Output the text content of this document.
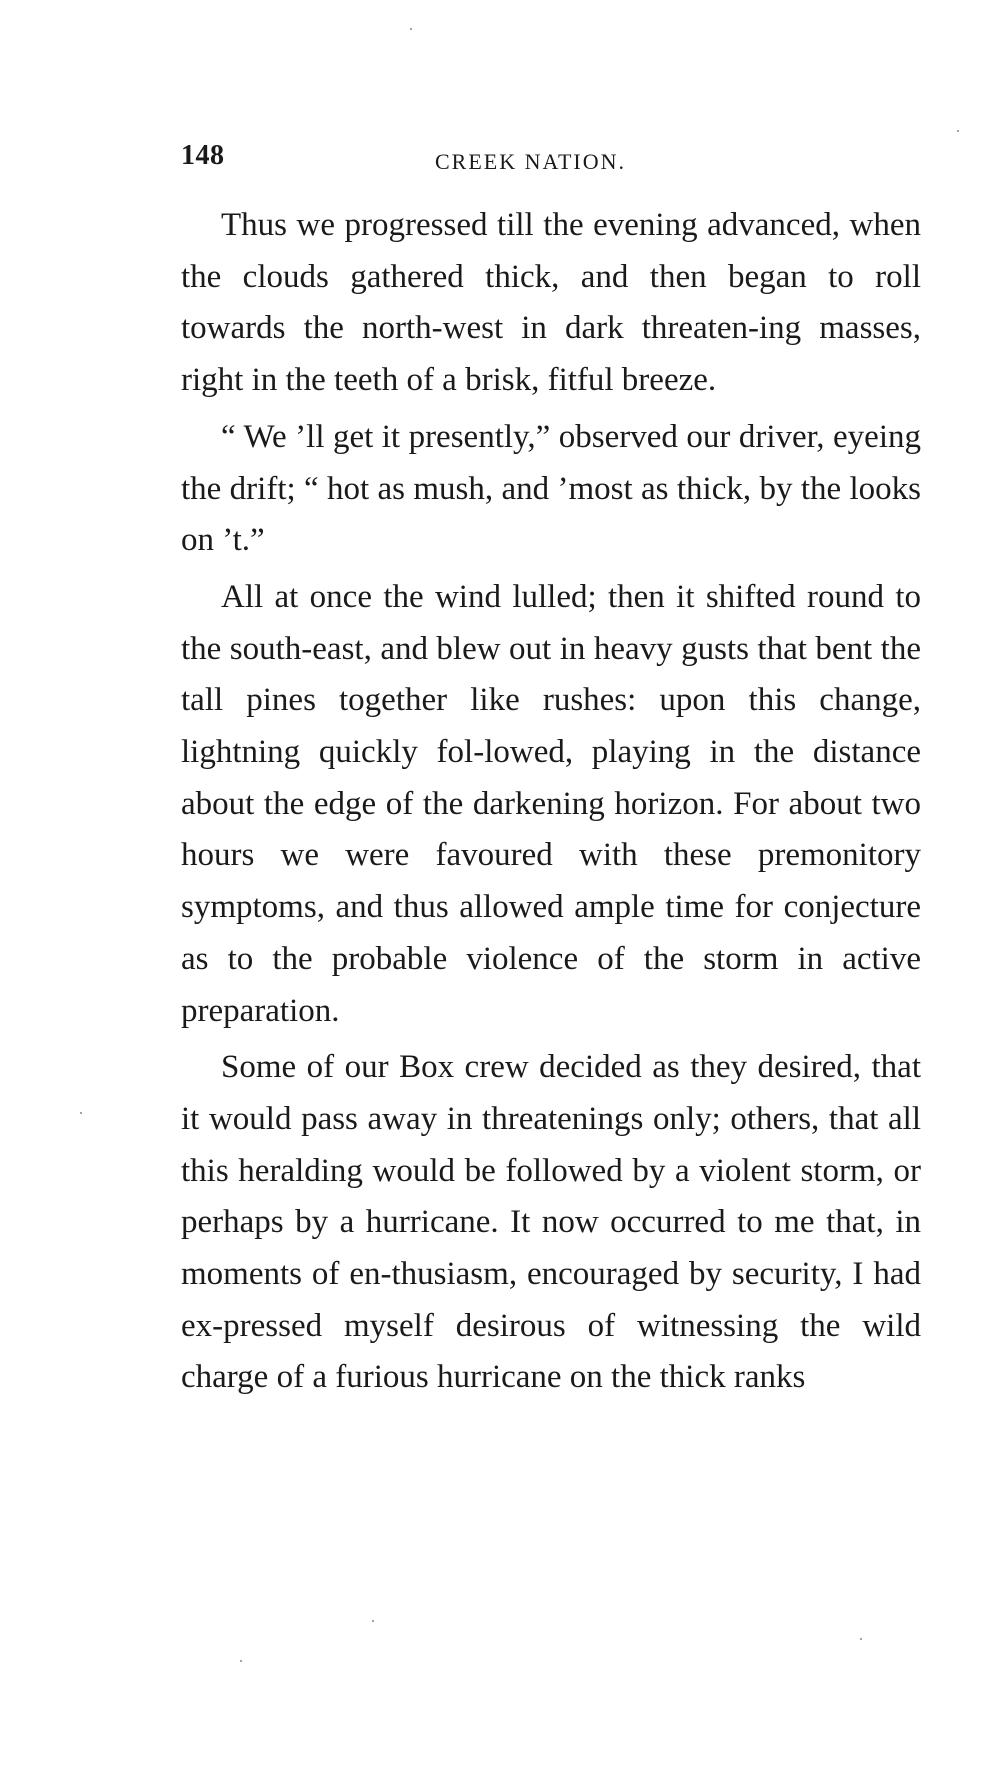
148	CREEK NATION.

Thus we progressed till the evening advanced, when the clouds gathered thick, and then began to roll towards the north-west in dark threaten-ing masses, right in the teeth of a brisk, fitful breeze.

“ We ’ll get it presently,” observed our driver, eyeing the drift; “ hot as mush, and ’most as thick, by the looks on ’t.”

All at once the wind lulled; then it shifted round to the south-east, and blew out in heavy gusts that bent the tall pines together like rushes: upon this change, lightning quickly fol-lowed, playing in the distance about the edge of the darkening horizon. For about two hours we were favoured with these premonitory symptoms, and thus allowed ample time for conjecture as to the probable violence of the storm in active preparation.

Some of our Box crew decided as they desired, that it would pass away in threatenings only; others, that all this heralding would be followed by a violent storm, or perhaps by a hurricane. It now occurred to me that, in moments of en-thusiasm, encouraged by security, I had ex-pressed myself desirous of witnessing the wild charge of a furious hurricane on the thick ranks
